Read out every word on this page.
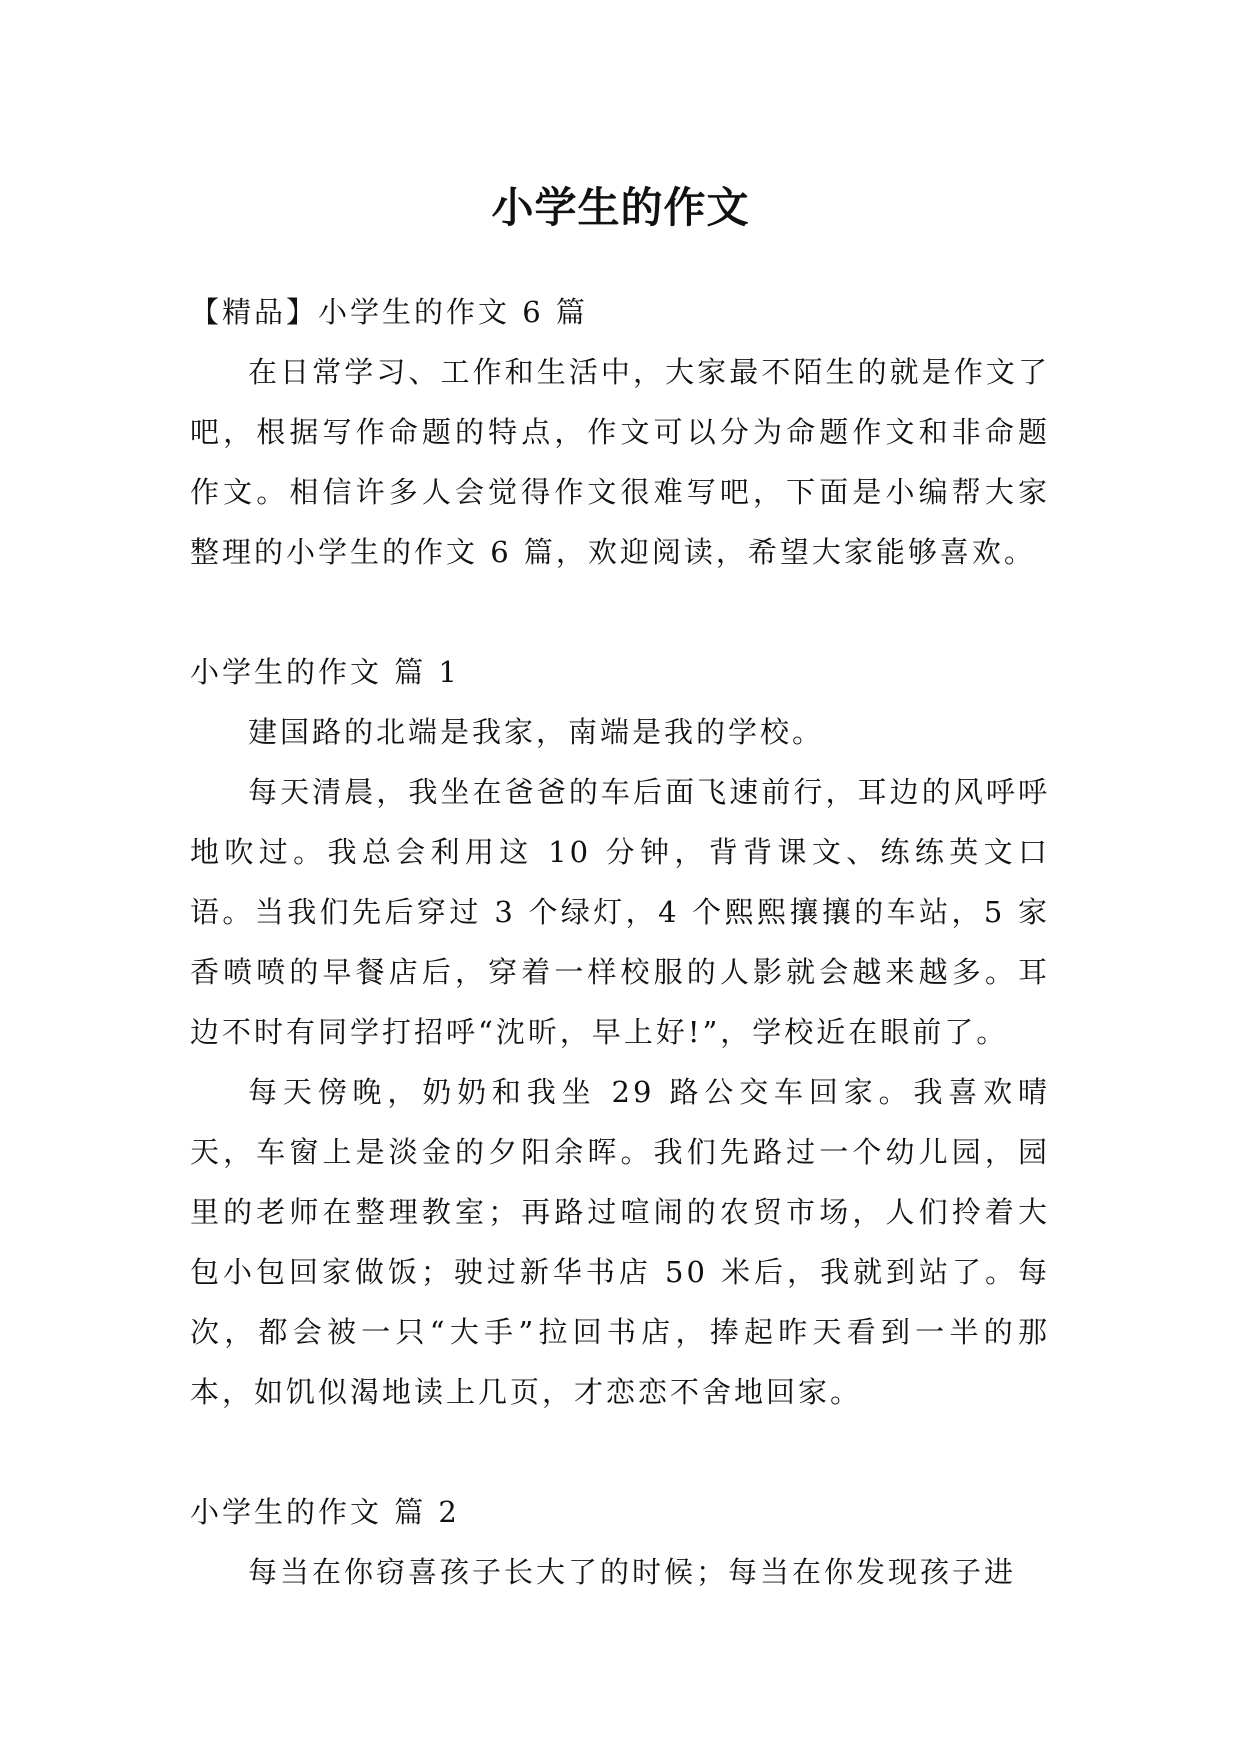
小学生的作文

【精品】小学生的作文 6 篇

在日常学习、工作和生活中，大家最不陌生的就是作文了吧，根据写作命题的特点，作文可以分为命题作文和非命题作文。相信许多人会觉得作文很难写吧，下面是小编帮大家整理的小学生的作文 6 篇，欢迎阅读，希望大家能够喜欢。

小学生的作文 篇 1

建国路的北端是我家，南端是我的学校。

每天清晨，我坐在爸爸的车后面飞速前行，耳边的风呼呼地吹过。我总会利用这 10 分钟，背背课文、练练英文口语。当我们先后穿过 3 个绿灯，4 个熙熙攘攘的车站，5 家香喷喷的早餐店后，穿着一样校服的人影就会越来越多。耳边不时有同学打招呼“沈昕，早上好!”，学校近在眼前了。

每天傍晚，奶奶和我坐 29 路公交车回家。我喜欢晴天，车窗上是淡金的夕阳余晖。我们先路过一个幼儿园，园里的老师在整理教室；再路过喧闹的农贸市场，人们拎着大包小包回家做饭；驶过新华书店 50 米后，我就到站了。每次，都会被一只“大手”拉回书店，捧起昨天看到一半的那本，如饥似渴地读上几页，才恋恋不舍地回家。

小学生的作文 篇 2

每当在你窃喜孩子长大了的时候；每当在你发现孩子进
